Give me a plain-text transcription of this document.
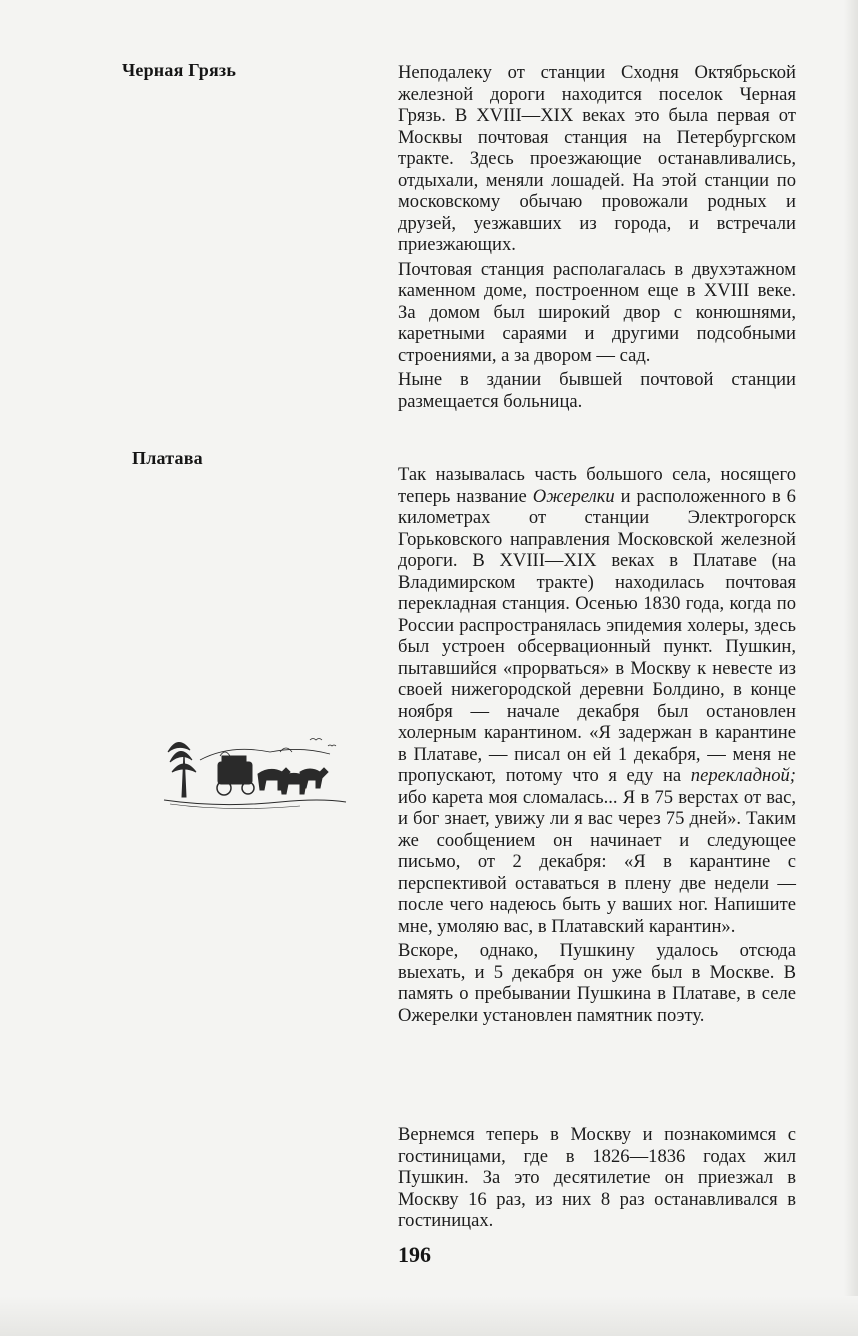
Черная Грязь	Неподалеку от станции Сходня Октябрьской железной дороги находится поселок Черная Грязь. В XVIII—XIX веках это была первая от Москвы почтовая станция на Петербургском тракте. Здесь проезжающие останавливались, отдыхали, меняли лошадей. На этой станции по московскому обычаю провожали родных и друзей, уезжавших из города, и встречали приезжающих.

Почтовая станция располагалась в двухэтажном каменном доме, построенном еще в XVIII веке. За домом был широкий двор с конюшнями, каретными сараями и другими подсобными строениями, а за двором — сад.

Ныне в здании бывшей почтовой станции размещается больница.

Платава

Так называлась часть большого села, носящего теперь название Ожерелки и расположенного в 6 километрах от станции Электрогорск Горьковского направления Московской железной дороги. В XVIII—XIX веках в Платаве (на Владимирском тракте) находилась почтовая перекладная станция. Осенью 1830 года, когда по России распространялась эпидемия холеры, здесь был устроен обсервационный пункт. Пушкин, пытавшийся «прорваться» в Москву к невесте из своей нижегородской деревни Болдино, в конце ноября — начале декабря был остановлен холерным карантином. «Я задержан в карантине в Платаве, — писал он ей 1 декабря, — меня не пропускают, потому что я еду на перекладной; ибо карета моя сломалась... Я в 75 верстах от вас, и бог знает, увижу ли я вас через 75 дней». Таким же сообщением он начинает и следующее письмо, от 2 декабря: «Я в карантине с перспективой оставаться в плену две недели — после чего надеюсь быть у ваших ног. Напишите мне, умоляю вас, в Платавский карантин».

Вскоре, однако, Пушкину удалось отсюда выехать, и 5 декабря он уже был в Москве. В память о пребывании Пушкина в Платаве, в селе Ожерелки установлен памятник поэту.

Вернемся теперь в Москву и познакомимся с гостиницами, где в 1826—1836 годах жил Пушкин. За это десятилетие он приезжал в Москву 16 раз, из них 8 раз останавливался в гостиницах.

196
